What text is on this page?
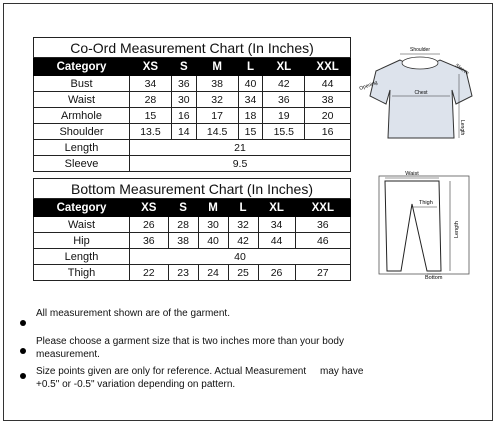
Co-Ord Measurement Chart (In Inches)						
Category	XS	S	M	L	XL	XXL
Bust	34	36	38	40	42	44
Waist	28	30	32	34	36	38
Armhole	15	16	17	18	19	20
Shoulder	13.5	14	14.5	15	15.5	16
Length	21					
Sleeve	9.5					
Bottom Measurement Chart (In Inches)						
Category	XS	S	M	L	XL	XXL
Waist	26	28	30	32	34	36
Hip	36	38	40	42	44	46
Length	40					
Thigh	22	23	24	25	26	27
Shoulder
Chest
Length
Sleeve
Opening
Waist
Thigh
Length
Bottom
All measurement shown are of the garment.
Please choose a garment size that is two inches more than your body measurement.
Size points given are only for reference. Actual Measurement     may have +0.5" or -0.5" variation depending on pattern.
